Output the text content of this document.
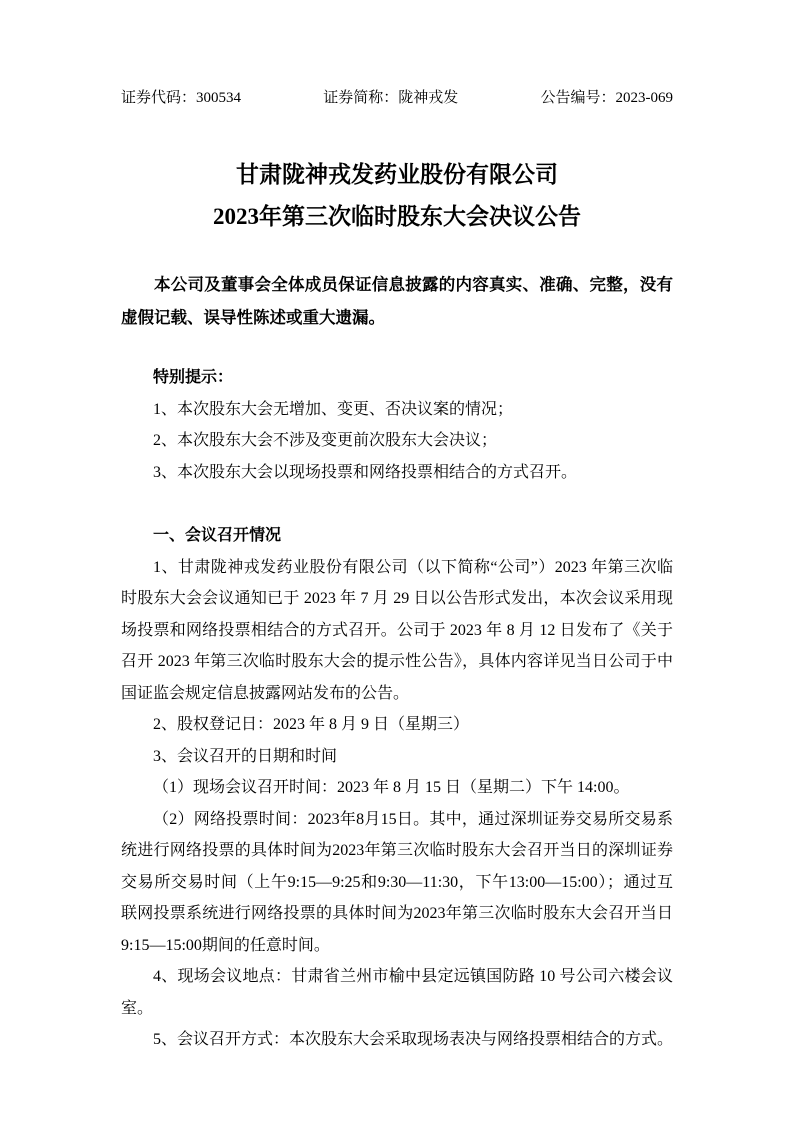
证券代码：300534	证券简称：陇神戎发	公告编号：2023-069
甘肃陇神戎发药业股份有限公司
2023年第三次临时股东大会决议公告

本公司及董事会全体成员保证信息披露的内容真实、准确、完整，没有虚假记载、误导性陈述或重大遗漏。

特别提示：
1、本次股东大会无增加、变更、否决议案的情况；
2、本次股东大会不涉及变更前次股东大会决议；
3、本次股东大会以现场投票和网络投票相结合的方式召开。
一、会议召开情况

1、甘肃陇神戎发药业股份有限公司（以下简称“公司”）2023 年第三次临时股东大会会议通知已于 2023 年 7 月 29 日以公告形式发出，本次会议采用现场投票和网络投票相结合的方式召开。公司于 2023 年 8 月 12 日发布了《关于召开 2023 年第三次临时股东大会的提示性公告》，具体内容详见当日公司于中国证监会规定信息披露网站发布的公告。

2、股权登记日：2023 年 8 月 9 日（星期三）

3、会议召开的日期和时间

（1）现场会议召开时间：2023 年 8 月 15 日（星期二）下午 14:00。

（2）网络投票时间：2023年8月15日。其中，通过深圳证券交易所交易系统进行网络投票的具体时间为2023年第三次临时股东大会召开当日的深圳证券交易所交易时间（上午9:15—9:25和9:30—11:30，下午13:00—15:00）；通过互联网投票系统进行网络投票的具体时间为2023年第三次临时股东大会召开当日9:15—15:00期间的任意时间。

4、现场会议地点：甘肃省兰州市榆中县定远镇国防路 10 号公司六楼会议室。

5、会议召开方式：本次股东大会采取现场表决与网络投票相结合的方式。
